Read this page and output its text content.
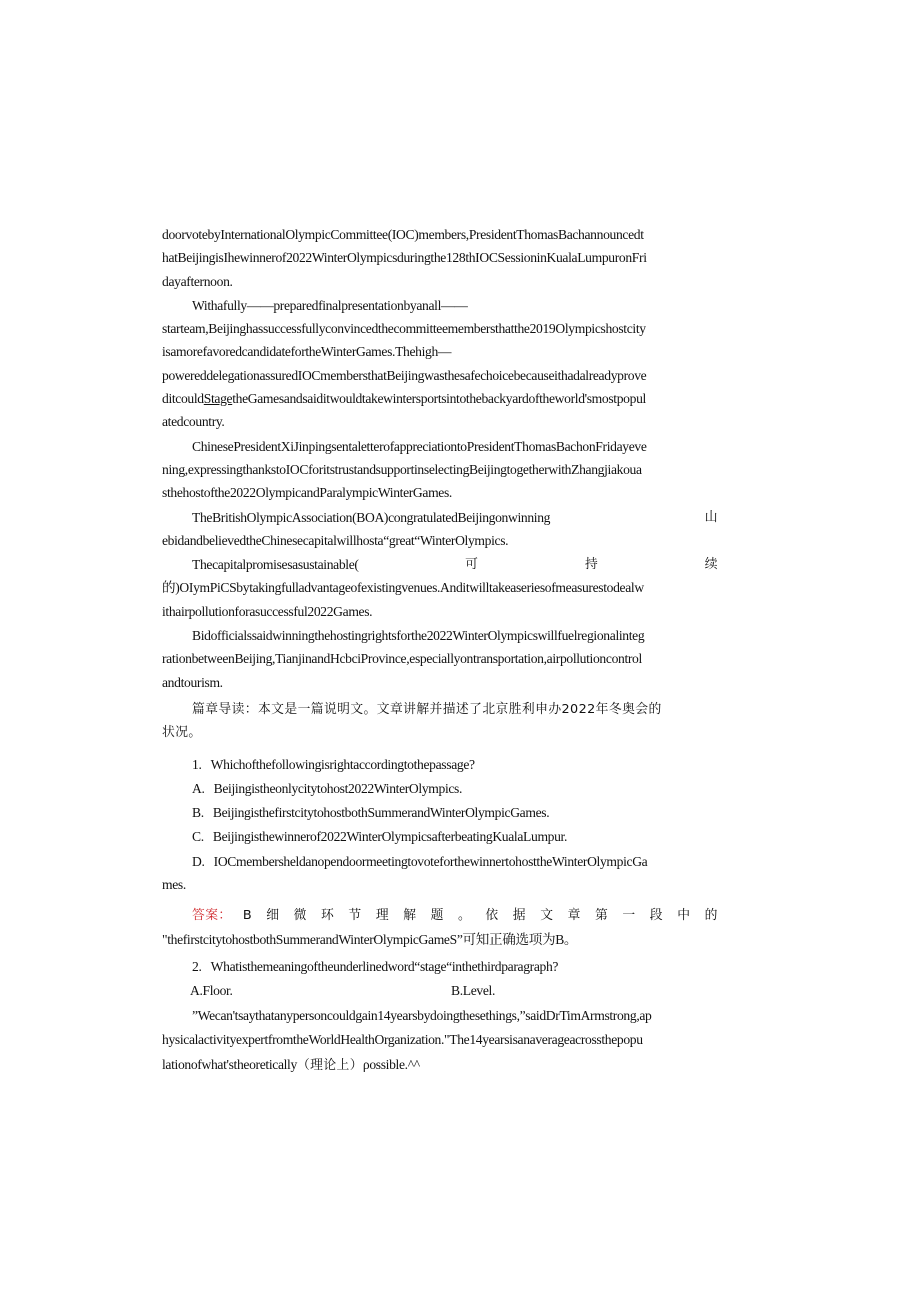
doorvotebyInternationalOlympicCommittee(IOC)members,PresidentThomasBachannouncedt
hatBeijingisIhewinnerof2022WinterOlympicsduringthe128thIOCSessioninKualaLumpuronFri
dayafternoon.

Withafully——preparedfinalpresentationbyanall——

starteam,Beijinghassuccessfullyconvincedthecommitteemembersthatthe2019Olympicshostcity
isamorefavoredcandidatefortheWinterGames.Thehigh—
powereddelegationassuredIOCmembersthatBeijingwasthesafechoicebecauseithadalreadyprove
ditcouldStagetheGamesandsaiditwouldtakewintersportsintothebackyardoftheworld'smostpopul
atedcountry.

ChinesePresidentXiJinpingsentaletterofappreciationtoPresidentThomasBachonFridayeve

ning,expressingthankstoIOCforitstrustandsupportinselectingBeijingtogetherwithZhangjiakoua
sthehostofthe2022OlympicandParalympicWinterGames.

TheBritishOlympicAssociation(BOA)congratulatedBeijingonwinning	山

ebidandbelievedtheChinesecapitalwillhosta“great“WinterOlympics.

Thecapitalpromisesasustainable(	可	持	续

的)OIymPiCSbytakingfulladvantageofexistingvenues.Anditwilltakeaseriesofmeasurestodealw
ithairpollutionforasuccessful2022Games.

Bidofficialssaidwinningthehostingrightsforthe2022WinterOlympicswillfuelregionalinteg

rationbetweenBeijing,TianjinandHcbciProvince,especiallyontransportation,airpollutioncontrol
andtourism.

篇章导读：本文是一篇说明文。文章讲解并描述了北京胜利申办2022年冬奥会的

状况。

1.   Whichofthefollowingisrightaccordingtothepassage?

A.   Beijingistheonlycitytohost2022WinterOlympics.

B.   BeijingisthefirstcitytohostbothSummerandWinterOlympicGames.

C.   Beijingisthewinnerof2022WinterOlympicsafterbeatingKualaLumpur.

D.   IOCmembersheldanopendoormeetingtovoteforthewinnertohosttheWinterOlympicGa

mes.

答案： B细微环节理解题。依据文章第一段中的

"thefirstcitytohostbothSummerandWinterOlympicGameS”可知正确选项为B。

2.   Whatisthemeaningoftheunderlinedword“stage“inthethirdparagraph?

A.Floor.	B.Level.

”Wecan'tsaythatanypersoncouldgain14yearsbydoingthesethings,”saidDrTimArmstrong,ap

hysicalactivityexpertfromtheWorldHealthOrganization."The14yearsisanaverageacrossthepopu
lationofwhat'stheoretically（理论上）ρossible.^^
